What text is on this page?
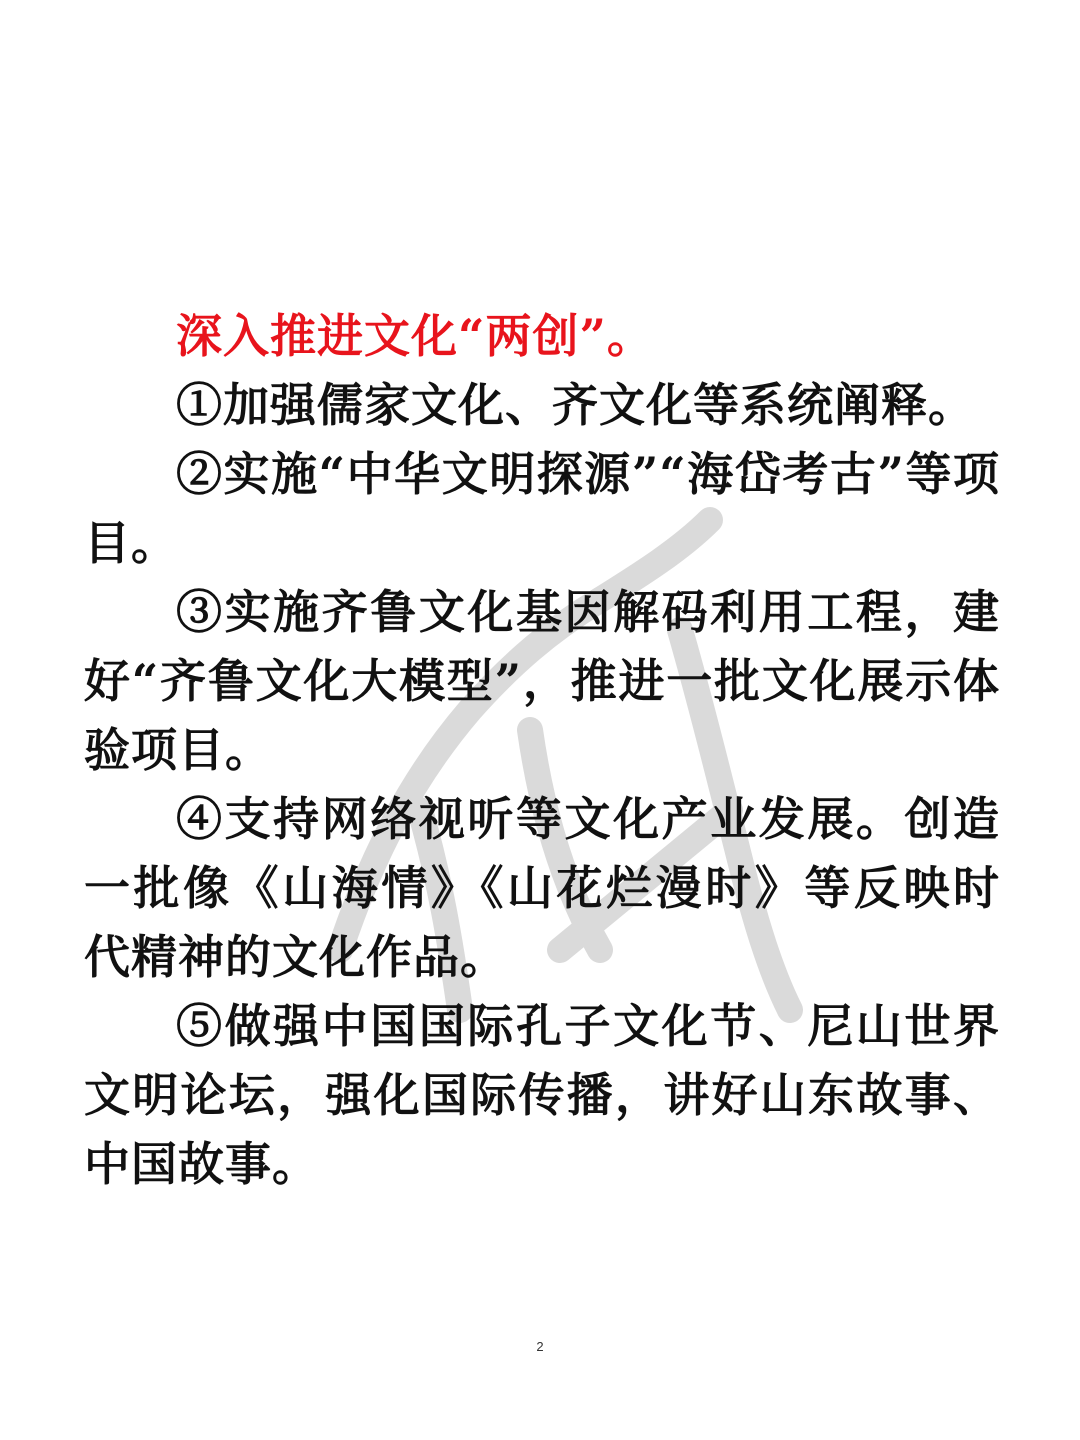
深入推进文化“两创”。

①加强儒家文化、齐文化等系统阐释。

②实施“中华文明探源”“海岱考古”等项目。

③实施齐鲁文化基因解码利用工程，建好“齐鲁文化大模型”，推进一批文化展示体验项目。

④支持网络视听等文化产业发展。创造一批像《山海情》《山花烂漫时》等反映时代精神的文化作品。

⑤做强中国国际孔子文化节、尼山世界文明论坛，强化国际传播，讲好山东故事、中国故事。

2
